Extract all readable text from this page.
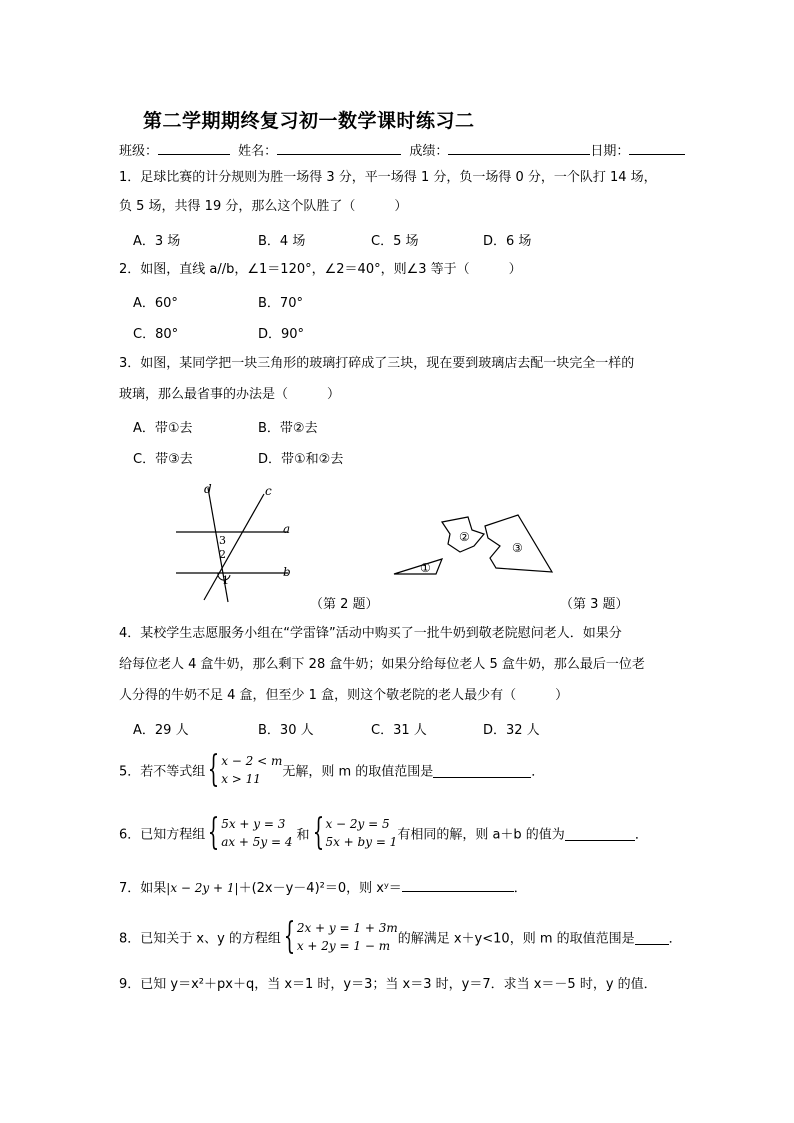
第二学期期终复习初一数学课时练习二
班级：	姓名：	成绩：	日期：
1．足球比赛的计分规则为胜一场得 3 分，平一场得 1 分，负一场得 0 分，一个队打 14 场，
负 5 场，共得 19 分，那么这个队胜了（　　　）
A．3 场	B．4 场	C．5 场	D．6 场
2．如图，直线 a//b，∠1＝120°，∠2＝40°，则∠3 等于（　　　）
A．60°	B．70°
C．80°	D．90°
3．如图，某同学把一块三角形的玻璃打碎成了三块，现在要到玻璃店去配一块完全一样的
玻璃，那么最省事的办法是（　　　）
A．带①去	B．带②去
C．带③去	D．带①和②去
d	c
a
b
3
2
1
（第 2 题）
①
②
③
（第 3 题）
4．某校学生志愿服务小组在“学雷锋”活动中购买了一批牛奶到敬老院慰问老人．如果分
给每位老人 4 盒牛奶，那么剩下 28 盒牛奶；如果分给每位老人 5 盒牛奶，那么最后一位老
人分得的牛奶不足 4 盒，但至少 1 盒，则这个敬老院的老人最少有（　　　）
A．29 人	B．30 人	C．31 人	D．32 人
5．若不等式组{ x − 2 < m
x > 11	无解，则 m 的取值范围是	．
6．已知方程组{ 5x + y = 3
ax + 5y = 4 和{ x − 2y = 5
5x + by = 1 有相同的解，则 a＋b 的值为	．
7．如果|x − 2y + 1|＋(2x－y－4)²＝0，则 xʸ＝	．
8．已知关于 x、y 的方程组{ 2x + y = 1 + 3m
x + 2y = 1 − m 的解满足 x＋y<10，则 m 的取值范围是	．
9．已知 y＝x²＋px＋q，当 x＝1 时，y＝3；当 x＝3 时，y＝7．求当 x＝－5 时，y 的值．
